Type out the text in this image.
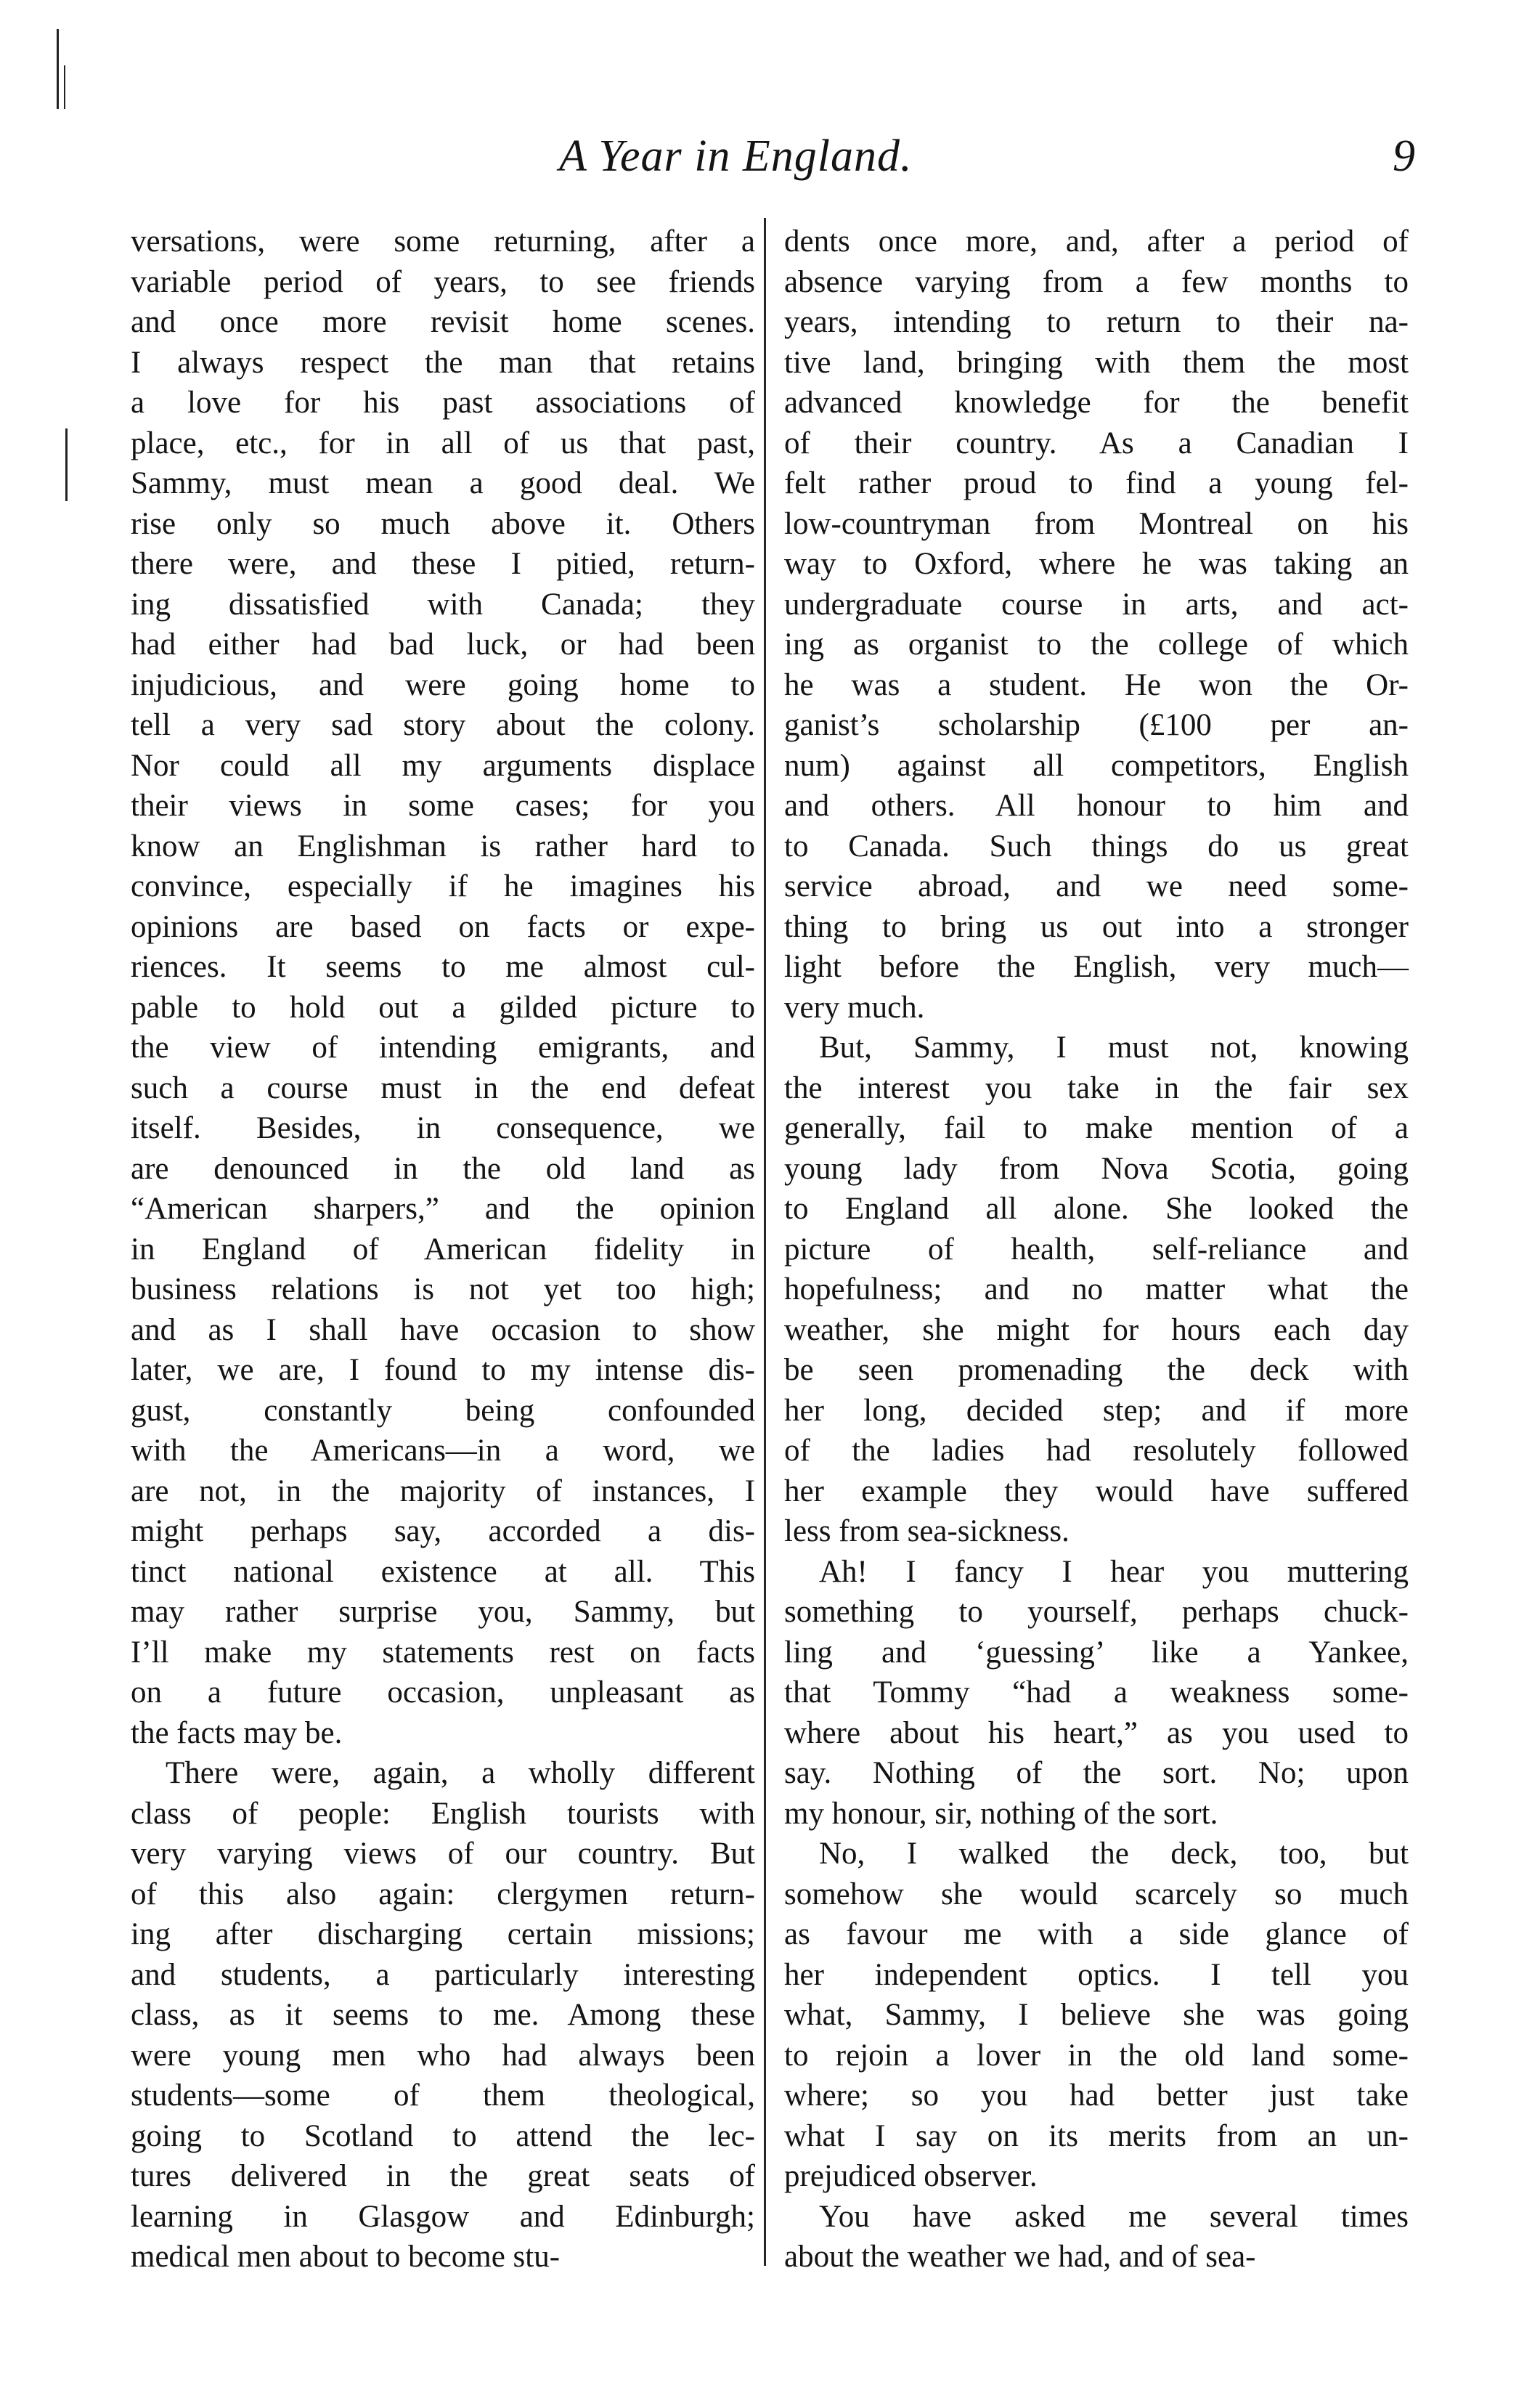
A Year in England.	9
versations, were some returning, after a
variable period of years, to see friends
and once more revisit home scenes.
I always respect the man that retains
a love for his past associations of
place, etc., for in all of us that past,
Sammy, must mean a good deal. We
rise only so much above it. Others
there were, and these I pitied, return-
ing dissatisfied with Canada; they
had either had bad luck, or had been
injudicious, and were going home to
tell a very sad story about the colony.
Nor could all my arguments displace
their views in some cases; for you
know an Englishman is rather hard to
convince, especially if he imagines his
opinions are based on facts or expe-
riences. It seems to me almost cul-
pable to hold out a gilded picture to
the view of intending emigrants, and
such a course must in the end defeat
itself. Besides, in consequence, we
are denounced in the old land as
“American sharpers,” and the opinion
in England of American fidelity in
business relations is not yet too high;
and as I shall have occasion to show
later, we are, I found to my intense dis-
gust, constantly being confounded
with the Americans—in a word, we
are not, in the majority of instances, I
might perhaps say, accorded a dis-
tinct national existence at all. This
may rather surprise you, Sammy, but
I’ll make my statements rest on facts
on a future occasion, unpleasant as
the facts may be.
There were, again, a wholly different
class of people: English tourists with
very varying views of our country. But
of this also again: clergymen return-
ing after discharging certain missions;
and students, a particularly interesting
class, as it seems to me. Among these
were young men who had always been
students—some of them theological,
going to Scotland to attend the lec-
tures delivered in the great seats of
learning in Glasgow and Edinburgh;
medical men about to become stu-
dents once more, and, after a period of
absence varying from a few months to
years, intending to return to their na-
tive land, bringing with them the most
advanced knowledge for the benefit
of their country. As a Canadian I
felt rather proud to find a young fel-
low-countryman from Montreal on his
way to Oxford, where he was taking an
undergraduate course in arts, and act-
ing as organist to the college of which
he was a student. He won the Or-
ganist’s scholarship (£100 per an-
num) against all competitors, English
and others. All honour to him and
to Canada. Such things do us great
service abroad, and we need some-
thing to bring us out into a stronger
light before the English, very much—
very much.
But, Sammy, I must not, knowing
the interest you take in the fair sex
generally, fail to make mention of a
young lady from Nova Scotia, going
to England all alone. She looked the
picture of health, self-reliance and
hopefulness; and no matter what the
weather, she might for hours each day
be seen promenading the deck with
her long, decided step; and if more
of the ladies had resolutely followed
her example they would have suffered
less from sea-sickness.
Ah! I fancy I hear you muttering
something to yourself, perhaps chuck-
ling and ‘guessing’ like a Yankee,
that Tommy “had a weakness some-
where about his heart,” as you used to
say. Nothing of the sort. No; upon
my honour, sir, nothing of the sort.
No, I walked the deck, too, but
somehow she would scarcely so much
as favour me with a side glance of
her independent optics. I tell you
what, Sammy, I believe she was going
to rejoin a lover in the old land some-
where; so you had better just take
what I say on its merits from an un-
prejudiced observer.
You have asked me several times
about the weather we had, and of sea-
